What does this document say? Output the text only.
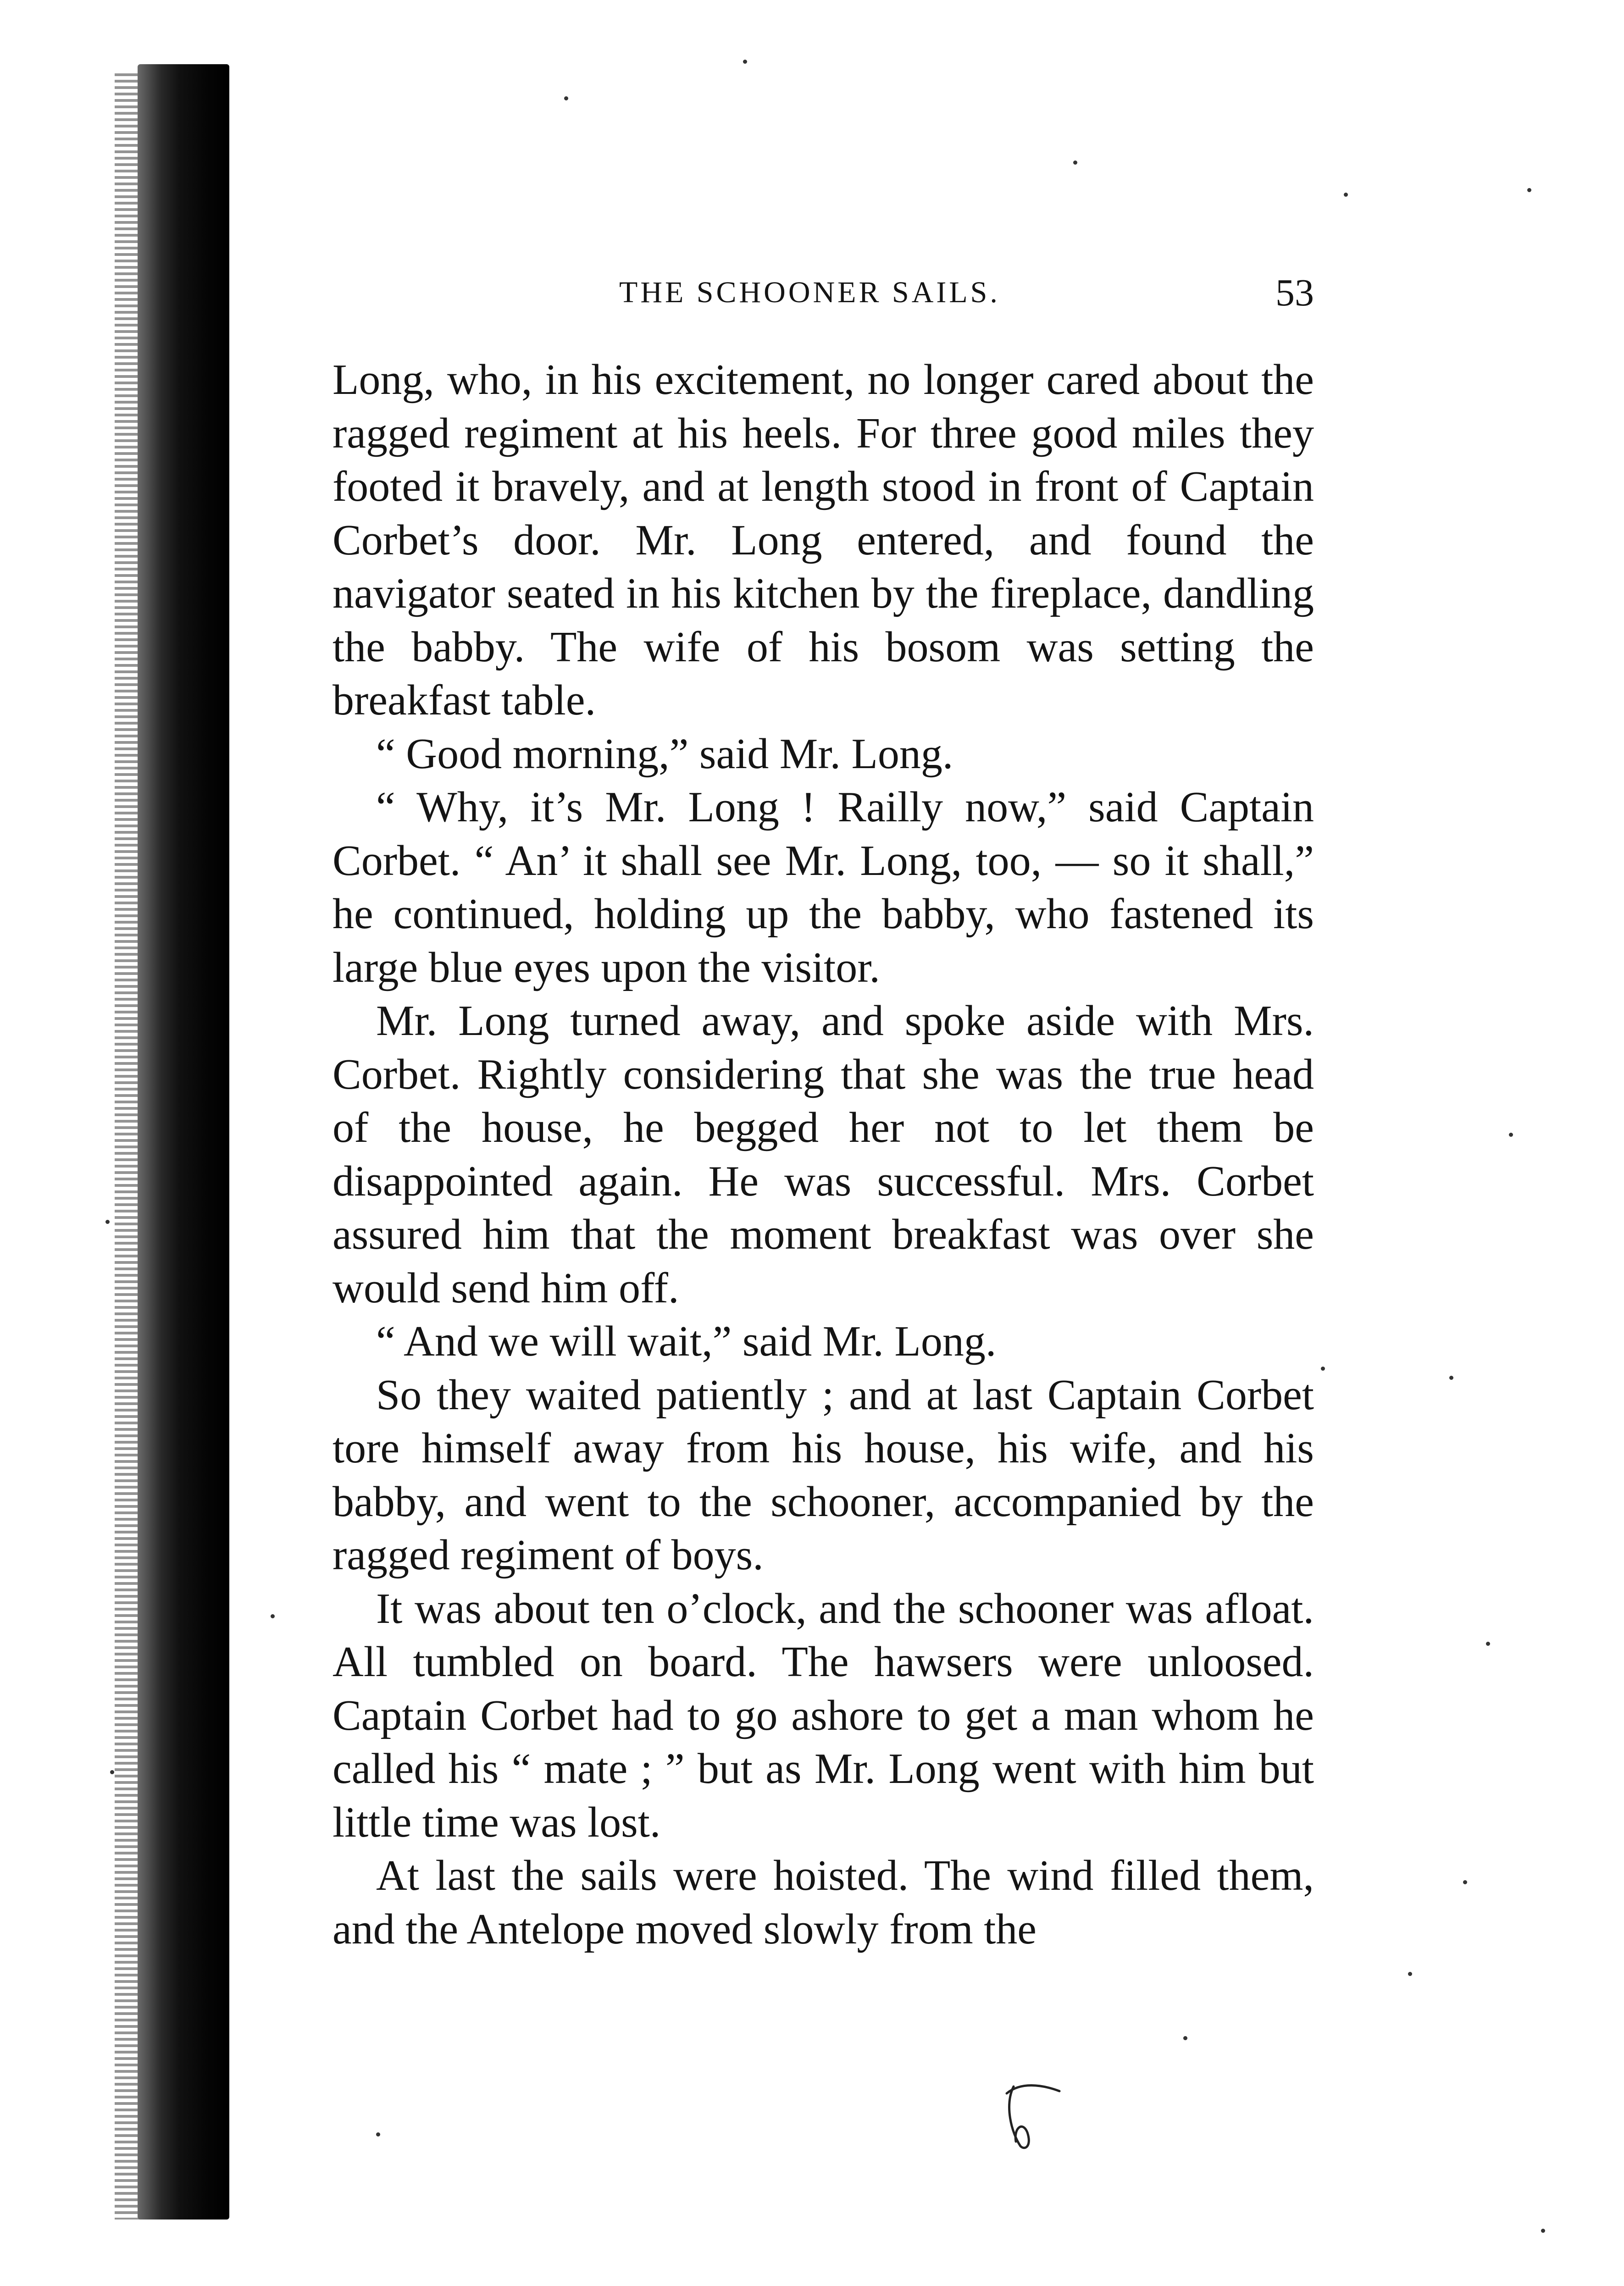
THE SCHOONER SAILS.	53

Long, who, in his excitement, no longer cared about the ragged regiment at his heels. For three good miles they footed it bravely, and at length stood in front of Captain Corbet’s door. Mr. Long entered, and found the navigator seated in his kitchen by the fireplace, dandling the babby. The wife of his bosom was setting the breakfast table.

“ Good morning,” said Mr. Long.

“ Why, it’s Mr. Long ! Railly now,” said Captain Corbet. “ An’ it shall see Mr. Long, too, — so it shall,” he continued, holding up the babby, who fastened its large blue eyes upon the visitor.

Mr. Long turned away, and spoke aside with Mrs. Corbet. Rightly considering that she was the true head of the house, he begged her not to let them be disappointed again. He was successful. Mrs. Corbet assured him that the moment breakfast was over she would send him off.

“ And we will wait,” said Mr. Long.

So they waited patiently ; and at last Captain Corbet tore himself away from his house, his wife, and his babby, and went to the schooner, accompanied by the ragged regiment of boys.

It was about ten o’clock, and the schooner was afloat. All tumbled on board. The hawsers were unloosed. Captain Corbet had to go ashore to get a man whom he called his “ mate ; ” but as Mr. Long went with him but little time was lost.

At last the sails were hoisted. The wind filled them, and the Antelope moved slowly from the
